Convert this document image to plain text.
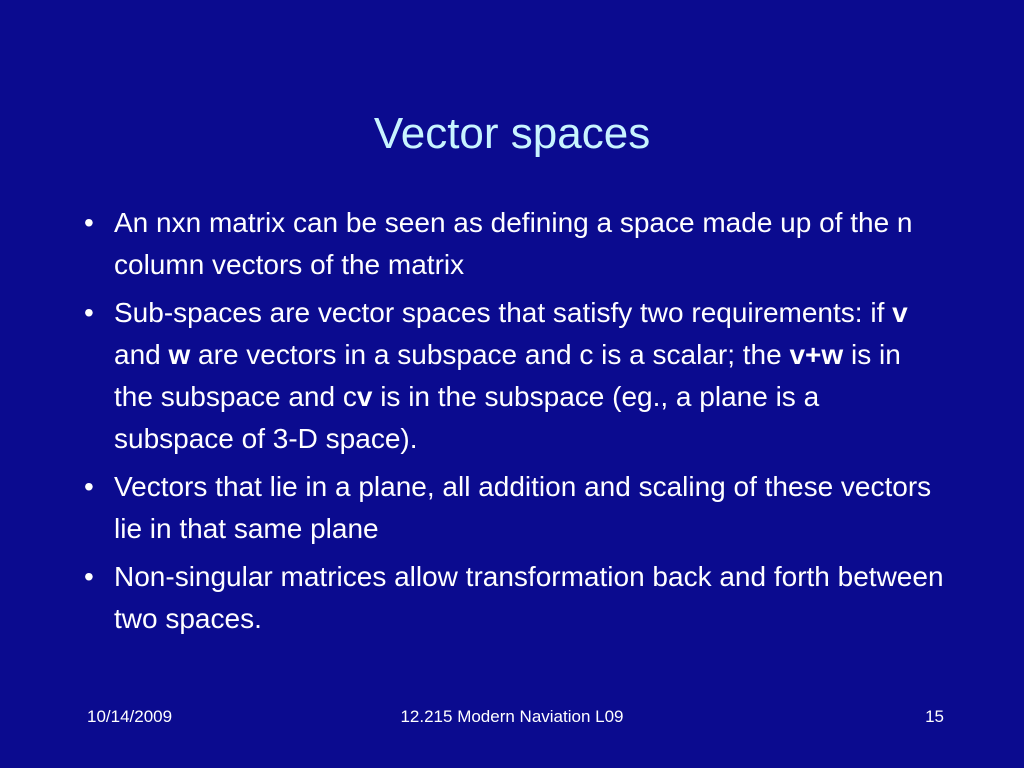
Vector spaces
• An nxn matrix can be seen as defining a space made up of the n column vectors of the matrix
• Sub-spaces are vector spaces that satisfy two requirements: if v and w are vectors in a subspace and c is a scalar; the v+w is in the subspace and cv is in the subspace (eg., a plane is a subspace of 3-D space).
• Vectors that lie in a plane, all addition and scaling of these vectors lie in that same plane
• Non-singular matrices allow transformation back and forth between two spaces.
10/14/2009	12.215 Modern Naviation L09	15
